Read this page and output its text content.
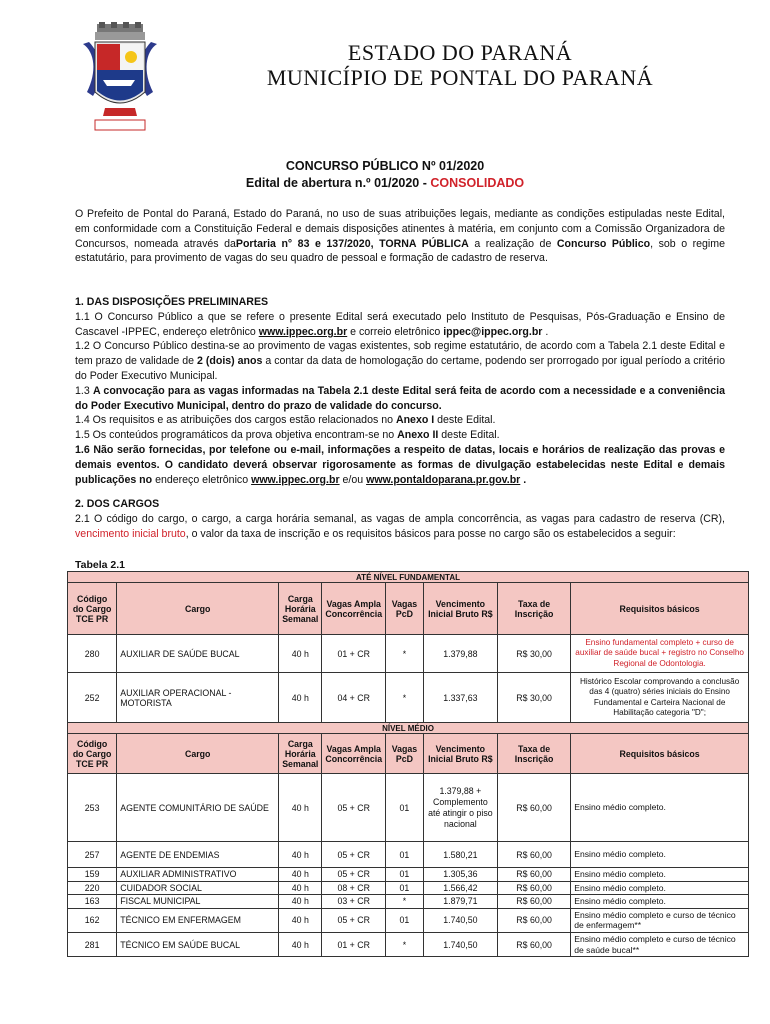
ESTADO DO PARANÁ
MUNICÍPIO DE PONTAL DO PARANÁ
CONCURSO PÚBLICO Nº 01/2020
Edital de abertura n.º 01/2020 - CONSOLIDADO

O Prefeito de Pontal do Paraná, Estado do Paraná, no uso de suas atribuições legais, mediante as condições estipuladas neste Edital, em conformidade com a Constituição Federal e demais disposições atinentes à matéria, em conjunto com a Comissão Organizadora de Concursos, nomeada através daPortaria n° 83 e 137/2020, TORNA PÚBLICA a realização de Concurso Público, sob o regime estatutário, para provimento de vagas do seu quadro de pessoal e formação de cadastro de reserva.

1. DAS DISPOSIÇÕES PRELIMINARES

1.1 O Concurso Público a que se refere o presente Edital será executado pelo Instituto de Pesquisas, Pós-Graduação e Ensino de Cascavel -IPPEC, endereço eletrônico www.ippec.org.br e correio eletrônico ippec@ippec.org.br .

1.2 O Concurso Público destina-se ao provimento de vagas existentes, sob regime estatutário, de acordo com a Tabela 2.1 deste Edital e tem prazo de validade de 2 (dois) anos a contar da data de homologação do certame, podendo ser prorrogado por igual período a critério do Poder Executivo Municipal.

1.3 A convocação para as vagas informadas na Tabela 2.1 deste Edital será feita de acordo com a necessidade e a conveniência do Poder Executivo Municipal, dentro do prazo de validade do concurso.

1.4 Os requisitos e as atribuições dos cargos estão relacionados no Anexo I deste Edital.

1.5 Os conteúdos programáticos da prova objetiva encontram-se no Anexo II deste Edital.

1.6 Não serão fornecidas, por telefone ou e-mail, informações a respeito de datas, locais e horários de realização das provas e demais eventos. O candidato deverá observar rigorosamente as formas de divulgação estabelecidas neste Edital e demais publicações no endereço eletrônico www.ippec.org.br e/ou www.pontaldoparana.pr.gov.br .

2. DOS CARGOS

2.1 O código do cargo, o cargo, a carga horária semanal, as vagas de ampla concorrência, as vagas para cadastro de reserva (CR), vencimento inicial bruto, o valor da taxa de inscrição e os requisitos básicos para posse no cargo são os estabelecidos a seguir:

Tabela 2.1
ATÉ NÍVEL FUNDAMENTAL							
Código do Cargo TCE PR	Cargo	Carga Horária Semanal	Vagas Ampla Concorrência	Vagas PcD	Vencimento Inicial Bruto R$	Taxa de Inscrição	Requisitos básicos
280	AUXILIAR DE SAÚDE BUCAL	40 h	01 + CR	*	1.379,88	R$ 30,00	Ensino fundamental completo + curso de auxiliar de saúde bucal + registro no Conselho Regional de Odontologia.
252	AUXILIAR OPERACIONAL - MOTORISTA	40 h	04 + CR	*	1.337,63	R$ 30,00	Histórico Escolar comprovando a conclusão das 4 (quatro) séries iniciais do Ensino Fundamental e Carteira Nacional de Habilitação categoria "D";
NÍVEL MÉDIO							
Código do Cargo TCE PR	Cargo	Carga Horária Semanal	Vagas Ampla Concorrência	Vagas PcD	Vencimento Inicial Bruto R$	Taxa de Inscrição	Requisitos básicos
253	AGENTE COMUNITÁRIO DE SAÚDE	40 h	05 + CR	01	1.379,88 + Complemento até atingir o piso nacional	R$ 60,00	Ensino médio completo.
257	AGENTE DE ENDEMIAS	40 h	05 + CR	01	1.580,21	R$ 60,00	Ensino médio completo.
159	AUXILIAR ADMINISTRATIVO	40 h	05 + CR	01	1.305,36	R$ 60,00	Ensino médio completo.
220	CUIDADOR SOCIAL	40 h	08 + CR	01	1.566,42	R$ 60,00	Ensino médio completo.
163	FISCAL MUNICIPAL	40 h	03 + CR	*	1.879,71	R$ 60,00	Ensino médio completo.
162	TÉCNICO EM ENFERMAGEM	40 h	05 + CR	01	1.740,50	R$ 60,00	Ensino médio completo e curso de técnico de enfermagem**
281	TÉCNICO EM SAÚDE BUCAL	40 h	01 + CR	*	1.740,50	R$ 60,00	Ensino médio completo e curso de técnico de saúde bucal**
